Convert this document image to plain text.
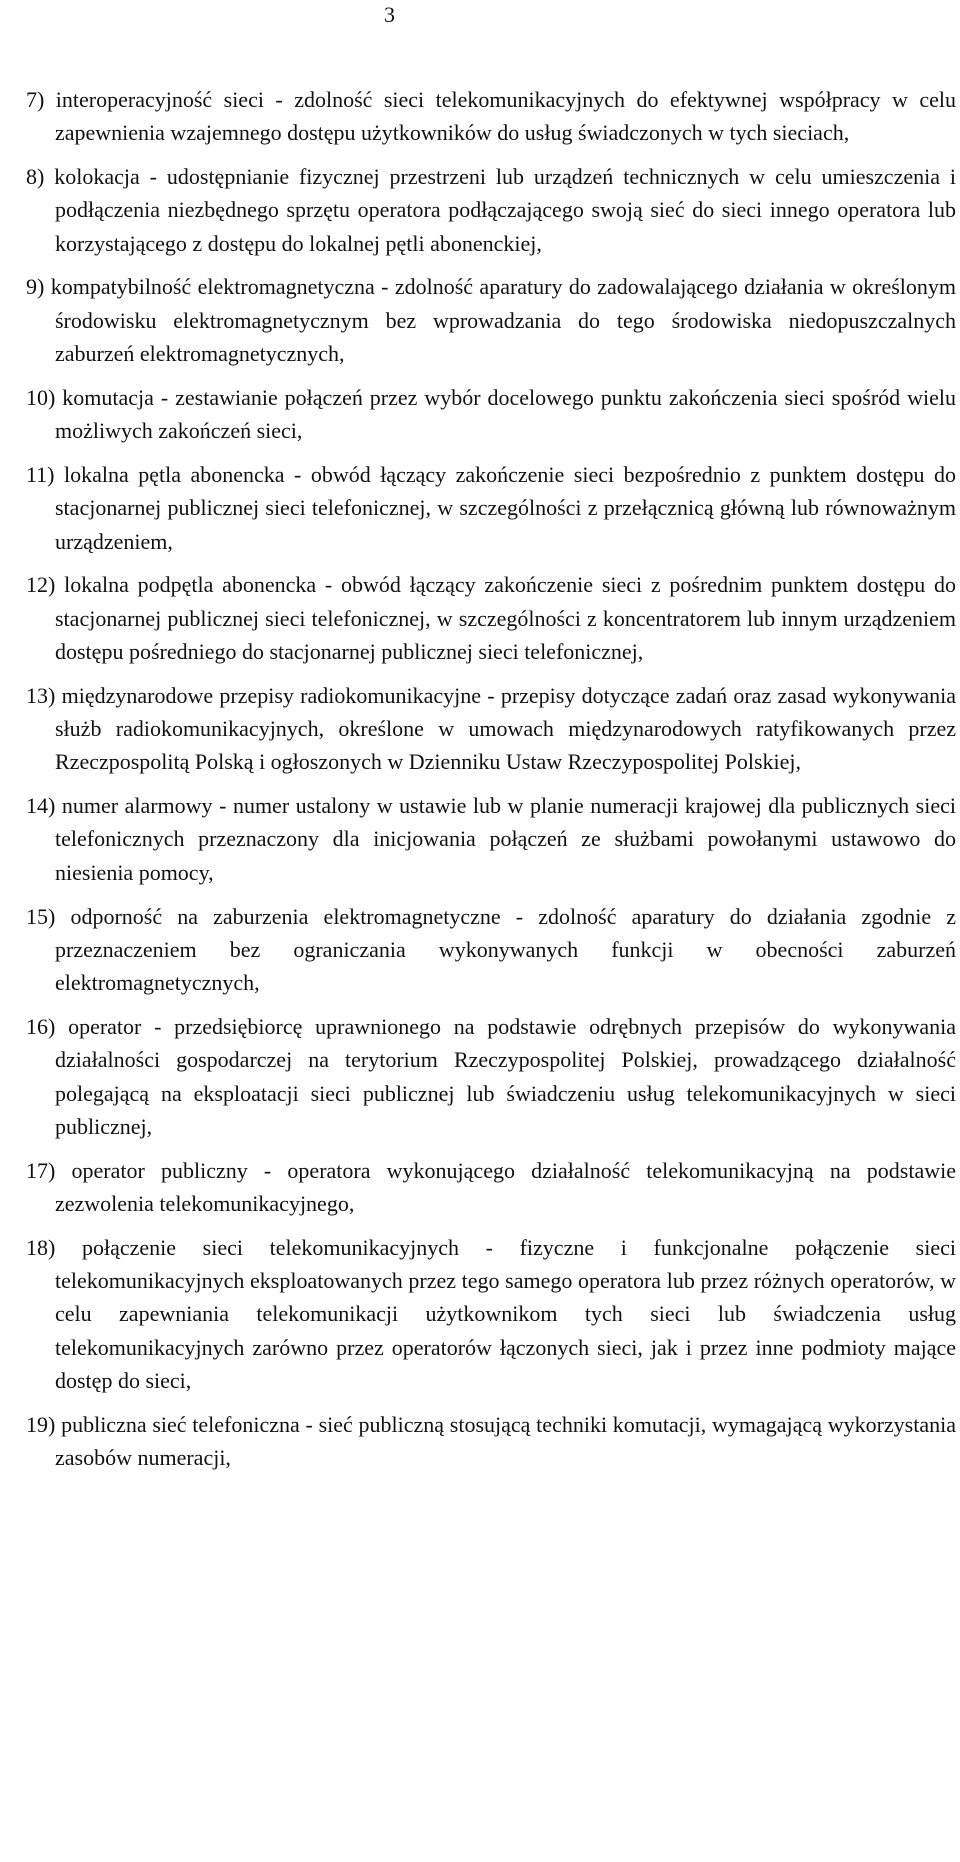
3

7) interoperacyjność sieci - zdolność sieci telekomunikacyjnych do efektywnej współpracy w celu zapewnienia wzajemnego dostępu użytkowników do usług świadczonych w tych sieciach,

8) kolokacja - udostępnianie fizycznej przestrzeni lub urządzeń technicznych w celu umieszczenia i podłączenia niezbędnego sprzętu operatora podłączającego swoją sieć do sieci innego operatora lub korzystającego z dostępu do lokalnej pętli abonenckiej,

9) kompatybilność elektromagnetyczna - zdolność aparatury do zadowalającego działania w określonym środowisku elektromagnetycznym bez wprowadzania do tego środowiska niedopuszczalnych zaburzeń elektromagnetycznych,

10) komutacja - zestawianie połączeń przez wybór docelowego punktu zakończenia sieci spośród wielu możliwych zakończeń sieci,

11) lokalna pętla abonencka - obwód łączący zakończenie sieci bezpośrednio z punktem dostępu do stacjonarnej publicznej sieci telefonicznej, w szczególności z przełącznicą główną lub równoważnym urządzeniem,

12) lokalna podpętla abonencka - obwód łączący zakończenie sieci z pośrednim punktem dostępu do stacjonarnej publicznej sieci telefonicznej, w szczególności z koncentratorem lub innym urządzeniem dostępu pośredniego do stacjonarnej publicznej sieci telefonicznej,

13) międzynarodowe przepisy radiokomunikacyjne - przepisy dotyczące zadań oraz zasad wykonywania służb radiokomunikacyjnych, określone w umowach międzynarodowych ratyfikowanych przez Rzeczpospolitą Polską i ogłoszonych w Dzienniku Ustaw Rzeczypospolitej Polskiej,

14) numer alarmowy - numer ustalony w ustawie lub w planie numeracji krajowej dla publicznych sieci telefonicznych przeznaczony dla inicjowania połączeń ze służbami powołanymi ustawowo do niesienia pomocy,

15) odporność na zaburzenia elektromagnetyczne - zdolność aparatury do działania zgodnie z przeznaczeniem bez ograniczania wykonywanych funkcji w obecności zaburzeń elektromagnetycznych,

16) operator - przedsiębiorcę uprawnionego na podstawie odrębnych przepisów do wykonywania działalności gospodarczej na terytorium Rzeczypospolitej Polskiej, prowadzącego działalność polegającą na eksploatacji sieci publicznej lub świadczeniu usług telekomunikacyjnych w sieci publicznej,

17) operator publiczny - operatora wykonującego działalność telekomunikacyjną na podstawie zezwolenia telekomunikacyjnego,

18) połączenie sieci telekomunikacyjnych - fizyczne i funkcjonalne połączenie sieci telekomunikacyjnych eksploatowanych przez tego samego operatora lub przez różnych operatorów, w celu zapewniania telekomunikacji użytkownikom tych sieci lub świadczenia usług telekomunikacyjnych zarówno przez operatorów łączonych sieci, jak i przez inne podmioty mające dostęp do sieci,

19) publiczna sieć telefoniczna - sieć publiczną stosującą techniki komutacji, wymagającą wykorzystania zasobów numeracji,
